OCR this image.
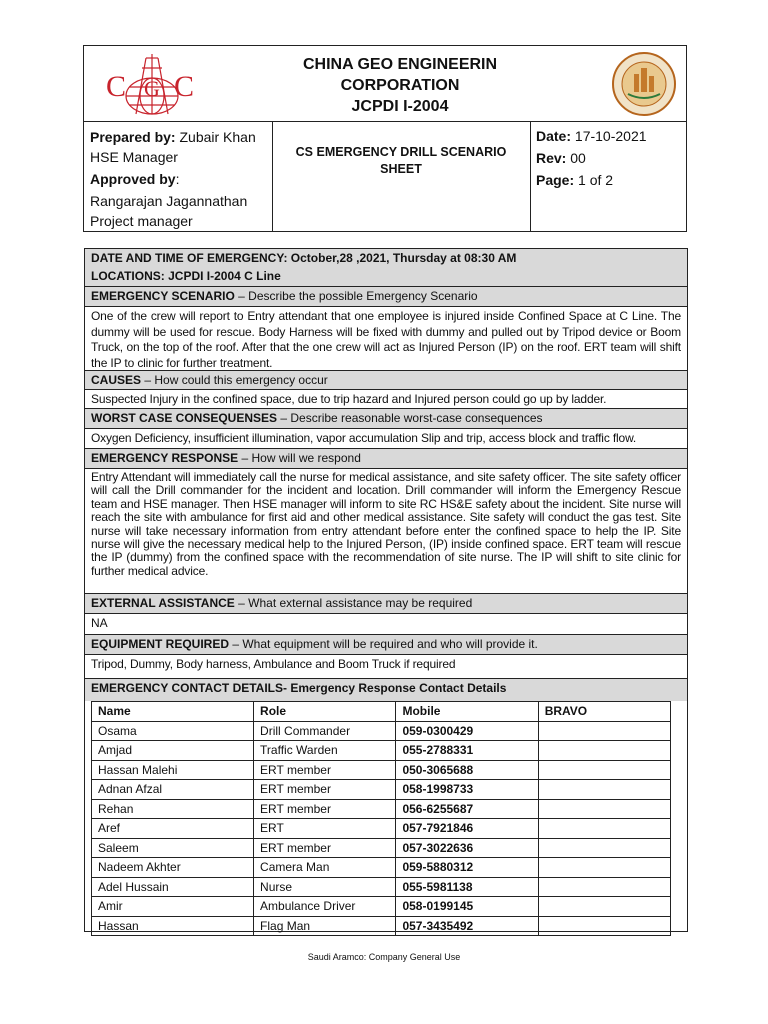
C G C
CHINA GEO ENGINEERIN
CORPORATION
JCPDI I-2004
Prepared by: Zubair Khan HSE Manager

Approved by:
Rangarajan Jagannathan Project manager
CS EMERGENCY DRILL SCENARIO SHEET
Date: 17-10-2021
Rev: 00
Page: 1 of 2
DATE AND TIME OF EMERGENCY: October,28 ,2021, Thursday at 08:30 AM
LOCATIONS: JCPDI I-2004 C Line
EMERGENCY SCENARIO – Describe the possible Emergency Scenario
One of the crew will report to Entry attendant that one employee is injured inside Confined Space at C Line. The dummy will be used for rescue. Body Harness will be fixed with dummy and pulled out by Tripod device or Boom Truck, on the top of the roof. After that the one crew will act as Injured Person (IP) on the roof. ERT team will shift the IP to clinic for further treatment.
CAUSES – How could this emergency occur
Suspected Injury in the confined space, due to trip hazard and Injured person could go up by ladder.
WORST CASE CONSEQUENSES – Describe reasonable worst-case consequences
Oxygen Deficiency, insufficient illumination, vapor accumulation Slip and trip, access block and traffic flow.
EMERGENCY RESPONSE – How will we respond
Entry Attendant will immediately call the nurse for medical assistance, and site safety officer. The site safety officer will call the Drill commander for the incident and location. Drill commander will inform the Emergency Rescue team and HSE manager. Then HSE manager will inform to site RC HS&E safety about the incident. Site nurse will reach the site with ambulance for first aid and other medical assistance. Site safety will conduct the gas test. Site nurse will take necessary information from entry attendant before enter the confined space to help the IP. Site nurse will give the necessary medical help to the Injured Person, (IP) inside confined space. ERT team will rescue the IP (dummy) from the confined space with the recommendation of site nurse. The IP will shift to site clinic for further medical advice.
EXTERNAL ASSISTANCE – What external assistance may be required
NA
EQUIPMENT REQUIRED – What equipment will be required and who will provide it.
Tripod, Dummy, Body harness, Ambulance and Boom Truck if required
EMERGENCY CONTACT DETAILS- Emergency Response Contact Details
Name	Role	Mobile	BRAVO
Osama	Drill Commander	059-0300429	
Amjad	Traffic Warden	055-2788331	
Hassan Malehi	ERT member	050-3065688	
Adnan Afzal	ERT member	058-1998733	
Rehan	ERT member	056-6255687	
Aref	ERT	057-7921846	
Saleem	ERT member	057-3022636	
Nadeem Akhter	Camera Man	059-5880312	
Adel Hussain	Nurse	055-5981138	
Amir	Ambulance Driver	058-0199145	
Hassan	Flag Man	057-3435492	
Saudi Aramco: Company General Use
